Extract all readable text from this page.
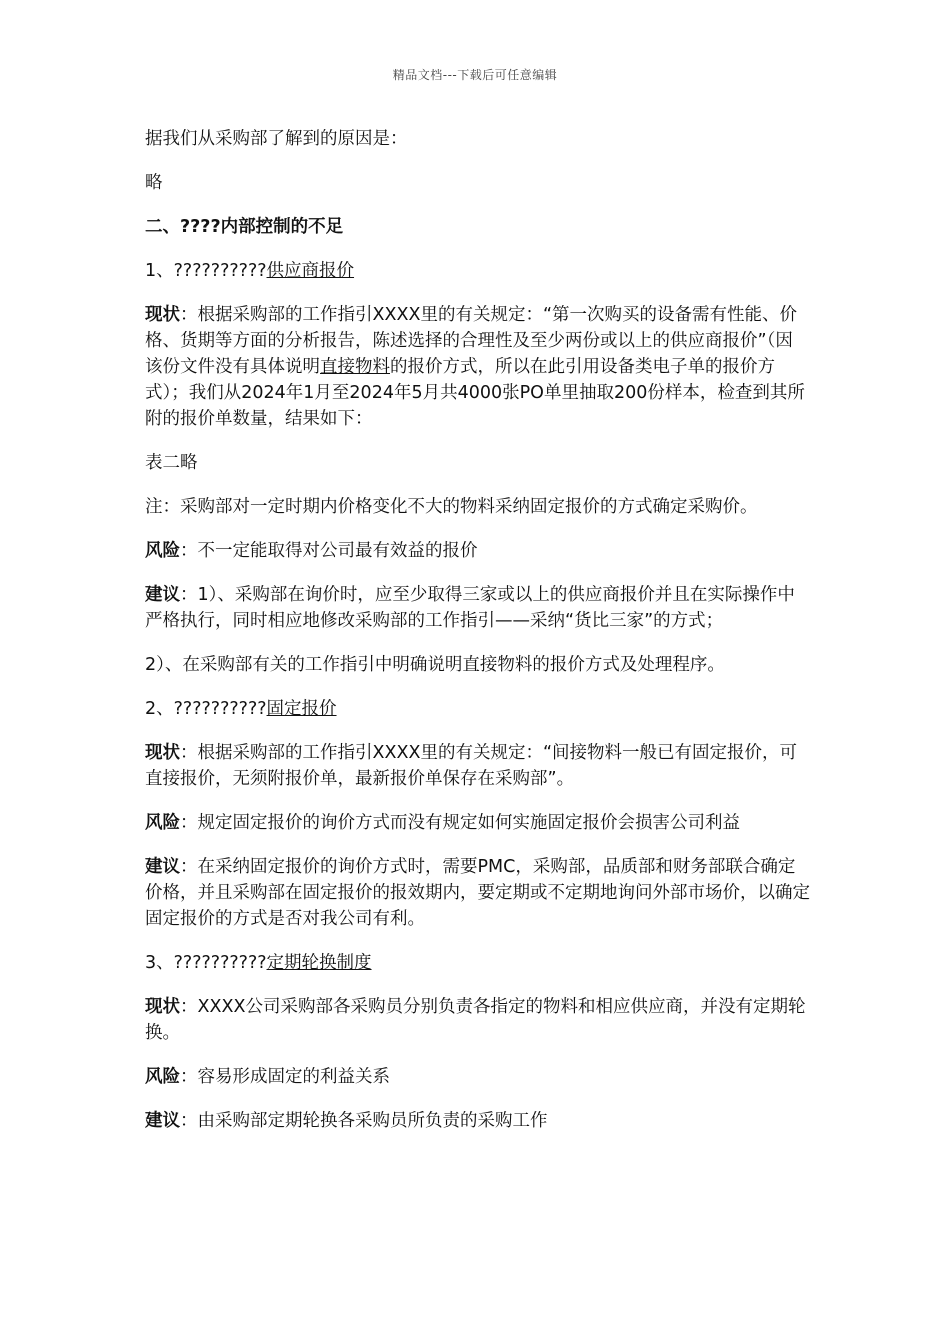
精品文档---下载后可任意编辑

据我们从采购部了解到的原因是：

略

二、????内部控制的不足

1、??????????供应商报价

现状：根据采购部的工作指引XXXX里的有关规定：“第一次购买的设备需有性能、价格、货期等方面的分析报告，陈述选择的合理性及至少两份或以上的供应商报价”（因该份文件没有具体说明直接物料的报价方式，所以在此引用设备类电子单的报价方式）；我们从2024年1月至2024年5月共4000张PO单里抽取200份样本，检查到其所附的报价单数量，结果如下：

表二略

注：采购部对一定时期内价格变化不大的物料采纳固定报价的方式确定采购价。

风险：不一定能取得对公司最有效益的报价

建议：1）、采购部在询价时，应至少取得三家或以上的供应商报价并且在实际操作中严格执行，同时相应地修改采购部的工作指引——采纳“货比三家”的方式；

2）、在采购部有关的工作指引中明确说明直接物料的报价方式及处理程序。

2、??????????固定报价

现状：根据采购部的工作指引XXXX里的有关规定：“间接物料一般已有固定报价，可直接报价，无须附报价单，最新报价单保存在采购部”。

风险：规定固定报价的询价方式而没有规定如何实施固定报价会损害公司利益

建议：在采纳固定报价的询价方式时，需要PMC，采购部，品质部和财务部联合确定价格，并且采购部在固定报价的报效期内，要定期或不定期地询问外部市场价，以确定固定报价的方式是否对我公司有利。

3、??????????定期轮换制度

现状：XXXX公司采购部各采购员分别负责各指定的物料和相应供应商，并没有定期轮换。

风险：容易形成固定的利益关系

建议：由采购部定期轮换各采购员所负责的采购工作
